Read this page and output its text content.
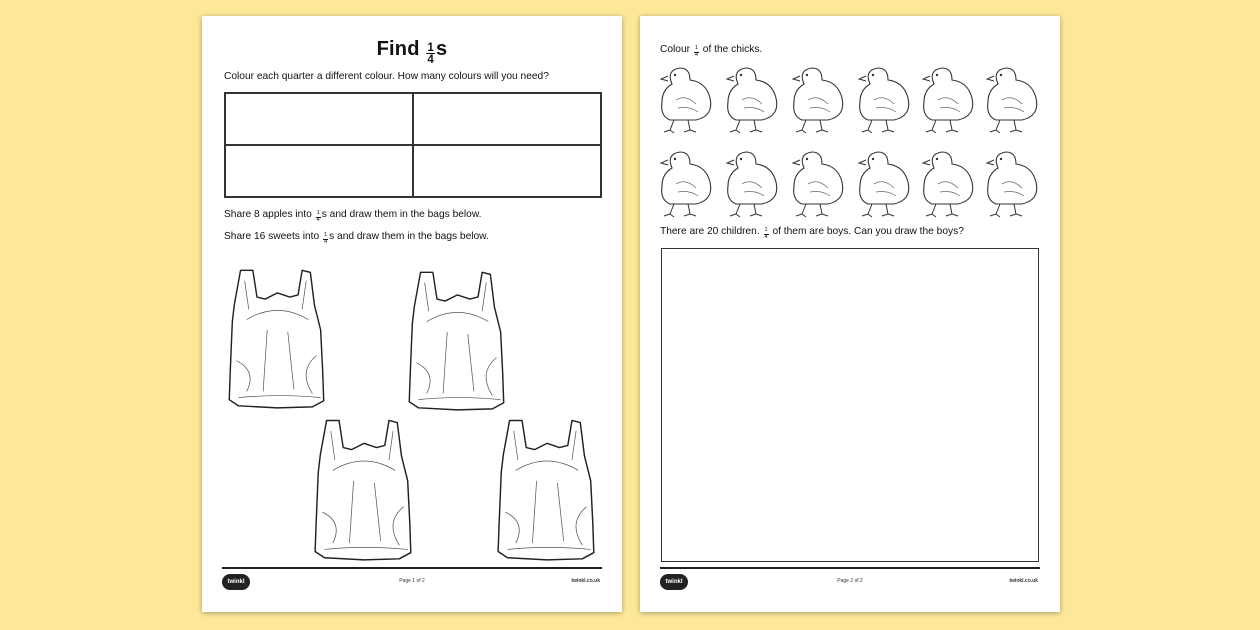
Find $\frac{1}{4}$ s
Colour each quarter a different colour. How many colours will you need?
Share 8 apples into $\frac{1}{4}$ s and draw them in the bags below.
Share 16 sweets into $\frac{1}{4}$ s and draw them in the bags below.
twinkl	Page 1 of 2	twinkl.co.uk
Colour $\frac{1}{4}$ of the chicks.
There are 20 children. $\frac{1}{4}$ of them are boys. Can you draw the boys?
twinkl	Page 2 of 2	twinkl.co.uk
